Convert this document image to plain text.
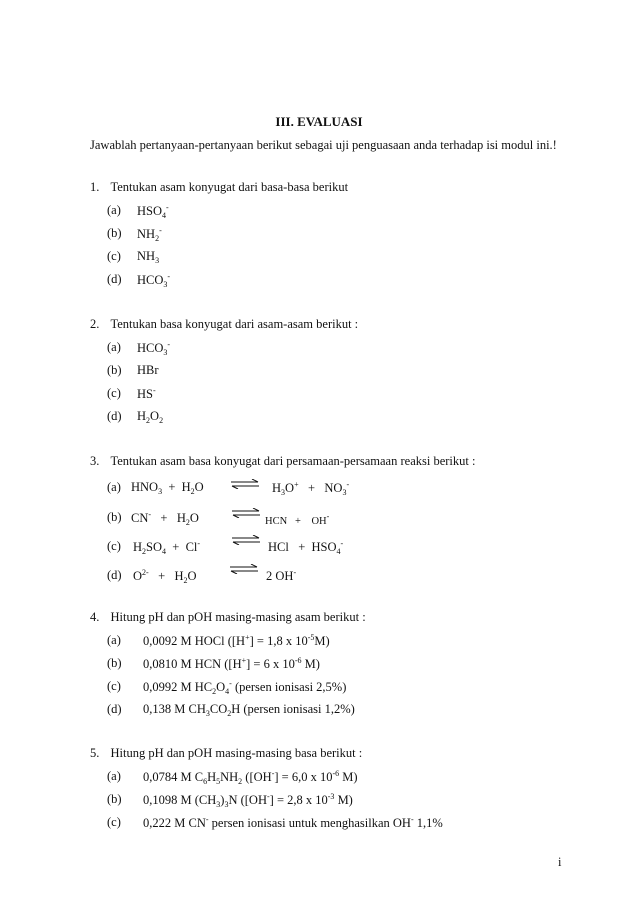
III. EVALUASI
Jawablah pertanyaan-pertanyaan berikut sebagai uji penguasaan anda terhadap isi modul ini.!
1. Tentukan asam konyugat dari basa-basa berikut
(a) $HSO_4^-$
(b) $NH_2^-$
(c) $NH_3$
(d) $HCO_3^-$
2. Tentukan basa konyugat dari asam-asam berikut :
(a) $HCO_3^-$
(b) HBr
(c) HS-
(d) $H_2O_2$
3. Tentukan asam basa konyugat dari persamaan-persamaan reaksi berikut :
(a) $HNO_3 + H_2O$ ⇌ $H_3O^+ + NO_3^-$
(b) $CN^- + H_2O$	HCN   +    OH-
(c) $H_2SO_4 + Cl^-$ ⇌ HCl   +  $HSO_4^-$
(d) $O^{2-} + H_2O$	⇌ 2 OH-
4. Hitung pH dan pOH masing-masing asam berikut :
(a) 0,0092 M HOCl ([H+] = 1,8 x $10^{-5}M$)
(b) 0,0810 M HCN ([H+] = 6 x $10^{-6}$ M)
(c) 0,0992 M $HC_2O_4^-$ (persen ionisasi 2,5%)
(d) 0,138 M $CH_3CO_2H$ (persen ionisasi 1,2%)
5. Hitung pH dan pOH masing-masing basa berikut :
(a) 0,0784 M $C_6H_5NH_2$ ([OH-] = 6,0 x $10^{-6}$ M)
(b) 0,1098 M $(CH_3)_3N$ ([OH-] = 2,8 x $10^{-3}$ M)
(c) 0,222 M CN- persen ionisasi untuk menghasilkan OH- 1,1%
i
